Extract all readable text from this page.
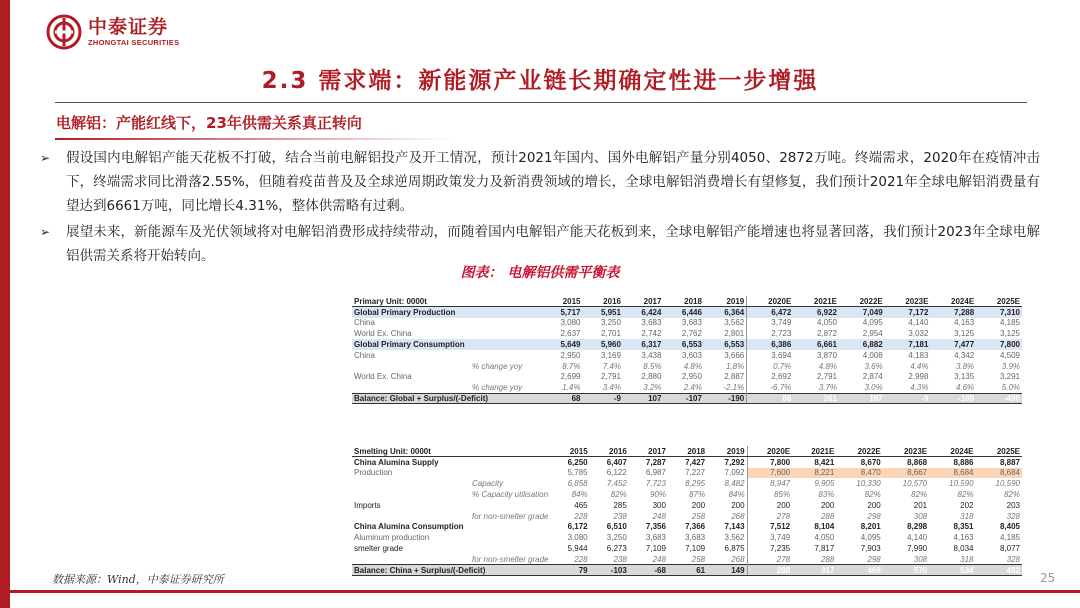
中泰证券
ZHONGTAI SECURITIES
2.3 需求端：新能源产业链长期确定性进一步增强
电解铝：产能红线下，23年供需关系真正转向
➢	假设国内电解铝产能天花板不打破，结合当前电解铝投产及开工情况，预计2021年国内、国外电解铝产量分别4050、2872万吨。终端需求，2020年在疫情冲击下，终端需求同比滑落2.55%，但随着疫苗普及及全球逆周期政策发力及新消费领域的增长，全球电解铝消费增长有望修复，我们预计2021年全球电解铝消费量有望达到6661万吨，同比增长4.31%，整体供需略有过剩。
➢	展望未来，新能源车及光伏领域将对电解铝消费形成持续带动，而随着国内电解铝产能天花板到来，全球电解铝产能增速也将显著回落，我们预计2023年全球电解铝供需关系将开始转向。
图表： 电解铝供需平衡表
Primary Unit: 0000t	2015	2016	2017	2018	2019	2020E	2021E	2022E	2023E	2024E	2025E
Global Primary Production	5,717	5,951	6,424	6,446	6,364	6,472	6,922	7,049	7,172	7,288	7,310
China	3,080	3,250	3,683	3,683	3,562	3,749	4,050	4,095	4,140	4,163	4,185
World Ex. China	2,637	2,701	2,742	2,762	2,801	2,723	2,872	2,954	3,032	3,125	3,125
Global Primary Consumption	5,649	5,960	6,317	6,553	6,553	6,386	6,661	6,882	7,181	7,477	7,800
China	2,950	3,169	3,438	3,603	3,666	3,694	3,870	4,008	4,183	4,342	4,509
% change yoy	8.7%	7.4%	8.5%	4.8%	1.8%	0.7%	4.8%	3.6%	4.4%	3.8%	3.9%
World Ex. China	2,699	2,791	2,880	2,950	2,887	2,692	2,791	2,874	2,998	3,135	3,291
% change yoy	1.4%	3.4%	3.2%	2.4%	-2.1%	-6.7%	3.7%	3.0%	4.3%	4.6%	5.0%
Balance: Global + Surplus/(-Deficit)	68	-9	107	-107	-190	86	261	167	-9	-189	-490
Smelting Unit: 0000t	2015	2016	2017	2018	2019	2020E	2021E	2022E	2023E	2024E	2025E
China Alumina Supply	6,250	6,407	7,287	7,427	7,292	7,800	8,421	8,670	8,868	8,886	8,887
Production	5,785	6,122	6,987	7,227	7,092	7,600	8,221	8,470	8,667	8,684	8,684
Capacity	6,858	7,452	7,723	8,295	8,482	8,947	9,905	10,330	10,570	10,590	10,590
% Capacity utilisation	84%	82%	90%	87%	84%	85%	83%	82%	82%	82%	82%
Imports	465	285	300	200	200	200	200	200	201	202	203
for non-smelter grade	228	238	248	258	268	278	288	298	308	318	328
China Alumina Consumption	6,172	6,510	7,356	7,366	7,143	7,512	8,104	8,201	8,298	8,351	8,405
Aluminum production	3,080	3,250	3,683	3,683	3,562	3,749	4,050	4,095	4,140	4,163	4,185
smelter grade	5,944	6,273	7,109	7,109	6,875	7,235	7,817	7,903	7,990	8,034	8,077
for non-smelter grade	228	238	248	258	268	278	288	298	308	318	328
Balance: China + Surplus/(-Deficit)	79	-103	-68	61	149	288	317	469	570	534	482
数据来源：Wind，中泰证券研究所	25
